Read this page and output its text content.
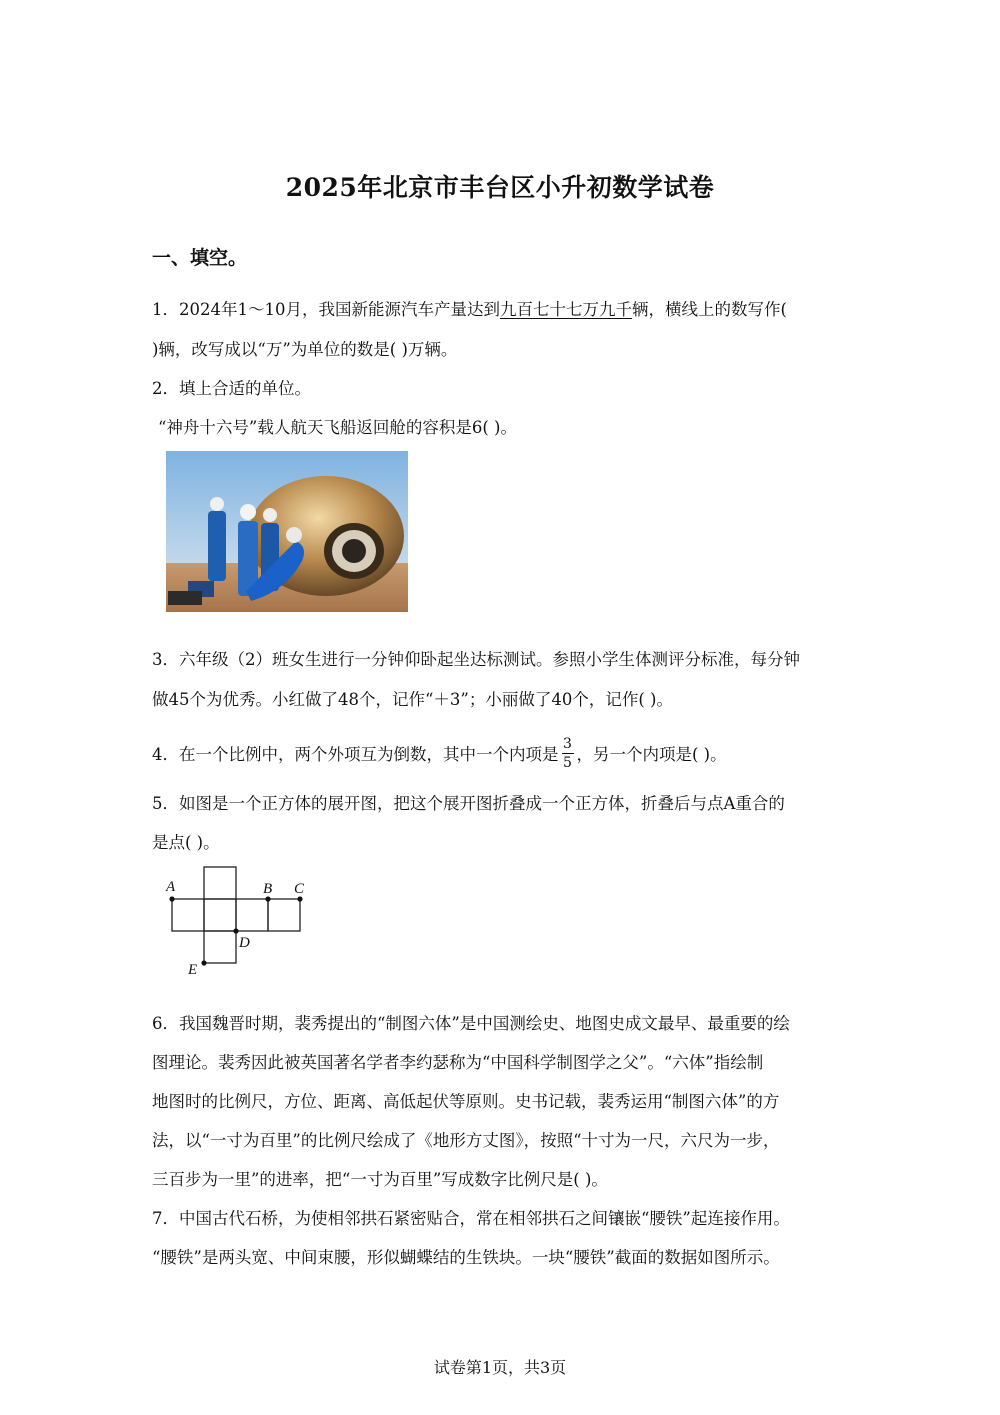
2025年北京市丰台区小升初数学试卷
一、填空。
1．2024年1～10月，我国新能源汽车产量达到九百七十七万九千辆，横线上的数写作(
)辆，改写成以“万”为单位的数是( )万辆。
2．填上合适的单位。
“神舟十六号”载人航天飞船返回舱的容积是6( )。
3．六年级（2）班女生进行一分钟仰卧起坐达标测试。参照小学生体测评分标准，每分钟
做45个为优秀。小红做了48个，记作“＋3”；小丽做了40个，记作( )。
4．在一个比例中，两个外项互为倒数，其中一个内项是 $\frac{3}{5}$ ，另一个内项是( )。
5．如图是一个正方体的展开图，把这个展开图折叠成一个正方体，折叠后与点A重合的
是点( )。
A	B C
D
E
6．我国魏晋时期，裴秀提出的“制图六体”是中国测绘史、地图史成文最早、最重要的绘
图理论。裴秀因此被英国著名学者李约瑟称为“中国科学制图学之父”。“六体”指绘制
地图时的比例尺，方位、距离、高低起伏等原则。史书记载，裴秀运用“制图六体”的方
法，以“一寸为百里”的比例尺绘成了《地形方丈图》，按照“十寸为一尺，六尺为一步，
三百步为一里”的进率，把“一寸为百里”写成数字比例尺是( )。
7．中国古代石桥，为使相邻拱石紧密贴合，常在相邻拱石之间镶嵌“腰铁”起连接作用。
“腰铁”是两头宽、中间束腰，形似蝴蝶结的生铁块。一块“腰铁”截面的数据如图所示。
试卷第1页，共3页
